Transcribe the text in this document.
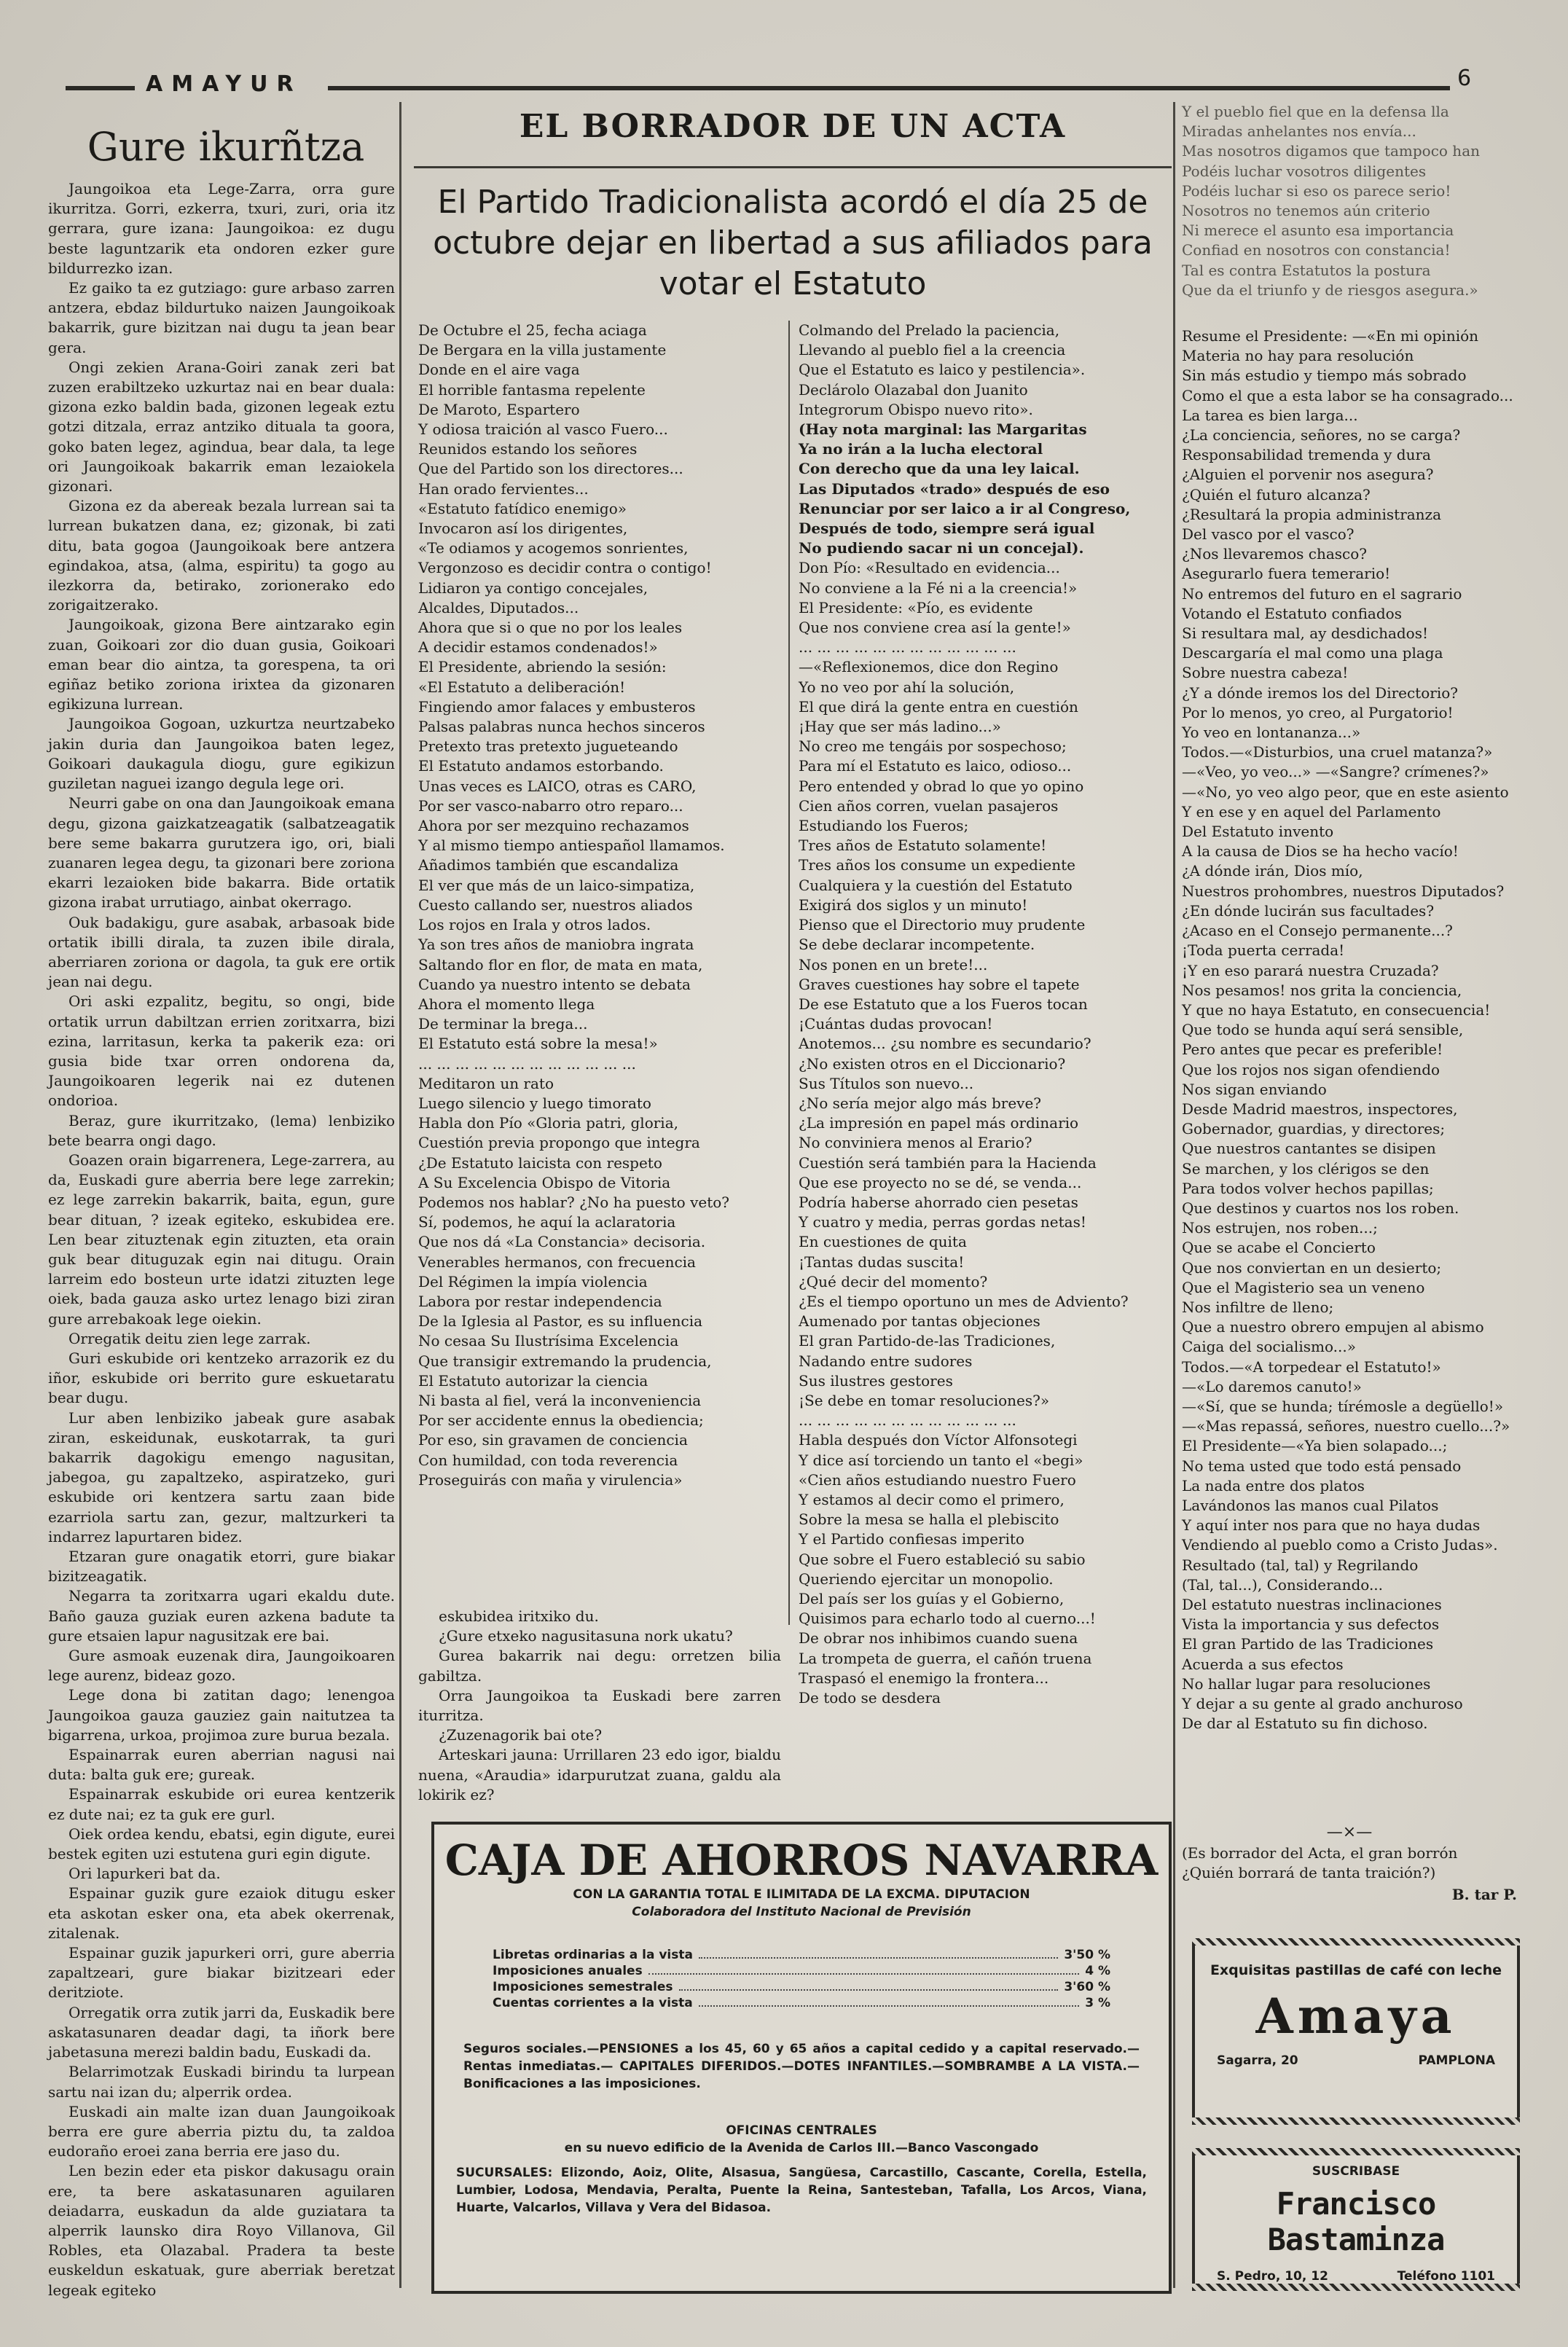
AMAYUR	6
Gure ikurñtza

Jaungoikoa eta Lege-Zarra, orra gure ikurritza. Gorri, ezkerra, txuri, zuri, oria itz gerrara, gure izana: Jaungoikoa: ez dugu beste laguntzarik eta ondoren ezker gure bildurrezko izan.

Ez gaiko ta ez gutziago: gure arbaso zarren antzera, ebdaz bildurtuko naizen Jaungoikoak bakarrik, gure bizitzan nai dugu ta jean bear gera.

Ongi zekien Arana-Goiri zanak zeri bat zuzen erabiltzeko uzkurtaz nai en bear duala: gizona ezko baldin bada, gizonen legeak eztu gotzi ditzala, erraz antziko dituala ta goora, goko baten legez, agindua, bear dala, ta lege ori Jaungoikoak bakarrik eman lezaiokela gizonari.

Gizona ez da abereak bezala lurrean sai ta lurrean bukatzen dana, ez; gizonak, bi zati ditu, bata gogoa (Jaungoikoak bere antzera egindakoa, atsa, (alma, espiritu) ta gogo au ilezkorra da, betirako, zorionerako edo zorigaitzerako.

Jaungoikoak, gizona Bere aintzarako egin zuan, Goikoari zor dio duan gusia, Goikoari eman bear dio aintza, ta gorespena, ta ori egiñaz betiko zoriona irixtea da gizonaren egikizuna lurrean.

Jaungoikoa Gogoan, uzkurtza neurtzabeko jakin duria dan Jaungoikoa baten legez, Goikoari daukagula diogu, gure egikizun guziletan naguei izango degula lege ori.

Neurri gabe on ona dan Jaungoikoak emana degu, gizona gaizkatzeagatik (salbatzeagatik bere seme bakarra gurutzera igo, ori, biali zuanaren legea degu, ta gizonari bere zoriona ekarri lezaioken bide bakarra. Bide ortatik gizona irabat urrutiago, ainbat okerrago.

Ouk badakigu, gure asabak, arbasoak bide ortatik ibilli dirala, ta zuzen ibile dirala, aberriaren zoriona or dagola, ta guk ere ortik jean nai degu.

Ori aski ezpalitz, begitu, so ongi, bide ortatik urrun dabiltzan errien zoritxarra, bizi ezina, larritasun, kerka ta pakerik eza: ori gusia bide txar orren ondorena da, Jaungoikoaren legerik nai ez dutenen ondorioa.

Beraz, gure ikurritzako, (lema) lenbiziko bete bearra ongi dago.

Goazen orain bigarrenera, Lege-zarrera, au da, Euskadi gure aberria bere lege zarrekin; ez lege zarrekin bakarrik, baita, egun, gure bear dituan, ? izeak egiteko, eskubidea ere. Len bear zituztenak egin zituzten, eta orain guk bear dituguzak egin nai ditugu. Orain larreim edo bosteun urte idatzi zituzten lege oiek, bada gauza asko urtez lenago bizi ziran gure arrebakoak lege oiekin.

Orregatik deitu zien lege zarrak.

Guri eskubide ori kentzeko arrazorik ez du iñor, eskubide ori berrito gure eskuetaratu bear dugu.

Lur aben lenbiziko jabeak gure asabak ziran, eskeidunak, euskotarrak, ta guri bakarrik dagokigu emengo nagusitan, jabegoa, gu zapaltzeko, aspiratzeko, guri eskubide ori kentzera sartu zaan bide ezarriola sartu zan, gezur, maltzurkeri ta indarrez lapurtaren bidez.

Etzaran gure onagatik etorri, gure biakar bizitzeagatik.

Negarra ta zoritxarra ugari ekaldu dute. Baño gauza guziak euren azkena badute ta gure etsaien lapur nagusitzak ere bai.

Gure asmoak euzenak dira, Jaungoikoaren lege aurenz, bideaz gozo.

Lege dona bi zatitan dago; lenengoa Jaungoikoa gauza gauziez gain naitutzea ta bigarrena, urkoa, projimoa zure burua bezala.

Espainarrak euren aberrian nagusi nai duta: balta guk ere; gureak.

Espainarrak eskubide ori eurea kentzerik ez dute nai; ez ta guk ere gurl.

Oiek ordea kendu, ebatsi, egin digute, eurei bestek egiten uzi estutena guri egin digute.

Ori lapurkeri bat da.

Espainar guzik gure ezaiok ditugu esker eta askotan esker ona, eta abek okerrenak, zitalenak.

Espainar guzik japurkeri orri, gure aberria zapaltzeari, gure biakar bizitzeari eder deritziote.

Orregatik orra zutik jarri da, Euskadik bere askatasunaren deadar dagi, ta iñork bere jabetasuna merezi baldin badu, Euskadi da.

Belarrimotzak Euskadi birindu ta lurpean sartu nai izan du; alperrik ordea.

Euskadi ain malte izan duan Jaungoikoak berra ere gure aberria piztu du, ta zaldoa eudoraño eroei zana berria ere jaso du.

Len bezin eder eta piskor dakusagu orain ere, ta bere askatasunaren aguilaren deiadarra, euskadun da alde guziatara ta alperrik launsko dira Royo Villanova, Gil Robles, eta Olazabal. Pradera ta beste euskeldun eskatuak, gure aberriak beretzat legeak egiteko

EL BORRADOR DE UN ACTA
El Partido Tradicionalista acordó el día 25 de octubre dejar en libertad a sus afiliados para votar el Estatuto

De Octubre el 25, fecha aciaga

De Bergara en la villa justamente

Donde en el aire vaga

El horrible fantasma repelente

De Maroto, Espartero

Y odiosa traición al vasco Fuero...

Reunidos estando los señores

Que del Partido son los directores...

Han orado fervientes...

«Estatuto fatídico enemigo»

Invocaron así los dirigentes,

«Te odiamos y acogemos sonrientes,

Vergonzoso es decidir contra o contigo!

Lidiaron ya contigo concejales,

Alcaldes, Diputados...

Ahora que si o que no por los leales

A decidir estamos condenados!»

El Presidente, abriendo la sesión:

«El Estatuto a deliberación!

Fingiendo amor falaces y embusteros

Palsas palabras nunca hechos sinceros

Pretexto tras pretexto jugueteando

El Estatuto andamos estorbando.

Unas veces es LAICO, otras es CARO,

Por ser vasco-nabarro otro reparo...

Ahora por ser mezquino rechazamos

Y al mismo tiempo antiespañol llamamos.

Añadimos también que escandaliza

El ver que más de un laico-simpatiza,

Cuesto callando ser, nuestros aliados

Los rojos en Irala y otros lados.

Ya son tres años de maniobra ingrata

Saltando flor en flor, de mata en mata,

Cuando ya nuestro intento se debata

Ahora el momento llega

De terminar la brega...

El Estatuto está sobre la mesa!»

... ... ... ... ... ... ... ... ... ... ... ...

Meditaron un rato

Luego silencio y luego timorato

Habla don Pío «Gloria patri, gloria,

Cuestión previa propongo que integra

¿De Estatuto laicista con respeto

A Su Excelencia Obispo de Vitoria

Podemos nos hablar? ¿No ha puesto veto?

Sí, podemos, he aquí la aclaratoria

Que nos dá «La Constancia» decisoria.

Venerables hermanos, con frecuencia

Del Régimen la impía violencia

Labora por restar independencia

De la Iglesia al Pastor, es su influencia

No cesaa Su Ilustrísima Excelencia

Que transigir extremando la prudencia,

El Estatuto autorizar la ciencia

Ni basta al fiel, verá la inconveniencia

Por ser accidente ennus la obediencia;

Por eso, sin gravamen de conciencia

Con humildad, con toda reverencia

Proseguirás con maña y virulencia»

Colmando del Prelado la paciencia,

Llevando al pueblo fiel a la creencia

Que el Estatuto es laico y pestilencia».

Declárolo Olazabal don Juanito

Integrorum Obispo nuevo rito».

(Hay nota marginal: las Margaritas

Ya no irán a la lucha electoral

Con derecho que da una ley laical.

Las Diputados «trado» después de eso

Renunciar por ser laico a ir al Congreso,

Después de todo, siempre será igual

No pudiendo sacar ni un concejal).

Don Pío: «Resultado en evidencia...

No conviene a la Fé ni a la creencia!»

El Presidente: «Pío, es evidente

Que nos conviene crea así la gente!»

... ... ... ... ... ... ... ... ... ... ... ...

—«Reflexionemos, dice don Regino

Yo no veo por ahí la solución,

El que dirá la gente entra en cuestión

¡Hay que ser más ladino...»

No creo me tengáis por sospechoso;

Para mí el Estatuto es laico, odioso...

Pero entended y obrad lo que yo opino

Cien años corren, vuelan pasajeros

Estudiando los Fueros;

Tres años de Estatuto solamente!

Tres años los consume un expediente

Cualquiera y la cuestión del Estatuto

Exigirá dos siglos y un minuto!

Pienso que el Directorio muy prudente

Se debe declarar incompetente.

Nos ponen en un brete!...

Graves cuestiones hay sobre el tapete

De ese Estatuto que a los Fueros tocan

¡Cuántas dudas provocan!

Anotemos... ¿su nombre es secundario?

¿No existen otros en el Diccionario?

Sus Títulos son nuevo...

¿No sería mejor algo más breve?

¿La impresión en papel más ordinario

No conviniera menos al Erario?

Cuestión será también para la Hacienda

Que ese proyecto no se dé, se venda...

Podría haberse ahorrado cien pesetas

Y cuatro y media, perras gordas netas!

En cuestiones de quita

¡Tantas dudas suscita!

¿Qué decir del momento?

¿Es el tiempo oportuno un mes de Adviento?

Aumenado por tantas objeciones

El gran Partido-de-las Tradiciones,

Nadando entre sudores

Sus ilustres gestores

¡Se debe en tomar resoluciones?»

... ... ... ... ... ... ... ... ... ... ... ...

Habla después don Víctor Alfonsotegi

Y dice así torciendo un tanto el «begi»

«Cien años estudiando nuestro Fuero

Y estamos al decir como el primero,

Sobre la mesa se halla el plebiscito

Y el Partido confiesas imperito

Que sobre el Fuero estableció su sabio

Queriendo ejercitar un monopolio.

Del país ser los guías y el Gobierno,

Quisimos para echarlo todo al cuerno...!

De obrar nos inhibimos cuando suena

La trompeta de guerra, el cañón truena

Traspasó el enemigo la frontera...

De todo se desdera

eskubidea iritxiko du.

¿Gure etxeko nagusitasuna nork ukatu?

Gurea bakarrik nai degu: orretzen bilia gabiltza.

Orra Jaungoikoa ta Euskadi bere zarren iturritza.

¿Zuzenagorik bai ote?

Arteskari jauna: Urrillaren 23 edo igor, bialdu nuena, «Araudia» idarpurutzat zuana, galdu ala lokirik ez?

CAJA DE AHORROS NAVARRA
CON LA GARANTIA TOTAL E ILIMITADA DE LA EXCMA. DIPUTACION
Colaboradora del Instituto Nacional de Previsión
Libretas ordinarias a la vista	3'50 %
Imposiciones anuales	4 %
Imposiciones semestrales	3'60 %
Cuentas corrientes a la vista	3 %
Seguros sociales.—PENSIONES a los 45, 60 y 65 años a capital cedido y a capital reservado.— Rentas inmediatas.— CAPITALES DIFERIDOS.—DOTES INFANTILES.—SOMBRAMBE A LA VISTA.—Bonificaciones a las imposiciones.
OFICINAS CENTRALES
en su nuevo edificio de la Avenida de Carlos III.—Banco Vascongado
SUCURSALES: Elizondo, Aoiz, Olite, Alsasua, Sangüesa, Carcastillo, Cascante, Corella, Estella, Lumbier, Lodosa, Mendavia, Peralta, Puente la Reina, Santesteban, Tafalla, Los Arcos, Viana, Huarte, Valcarlos, Villava y Vera del Bidasoa.

Y el pueblo fiel que en la defensa lla

Miradas anhelantes nos envía...

Mas nosotros digamos que tampoco han

Podéis luchar vosotros diligentes

Podéis luchar si eso os parece serio!

Nosotros no tenemos aún criterio

Ni merece el asunto esa importancia

Confiad en nosotros con constancia!

Tal es contra Estatutos la postura

Que da el triunfo y de riesgos asegura.»

Resume el Presidente: —«En mi opinión

Materia no hay para resolución

Sin más estudio y tiempo más sobrado

Como el que a esta labor se ha consagrado...

La tarea es bien larga...

¿La conciencia, señores, no se carga?

Responsabilidad tremenda y dura

¿Alguien el porvenir nos asegura?

¿Quién el futuro alcanza?

¿Resultará la propia administranza

Del vasco por el vasco?

¿Nos llevaremos chasco?

Asegurarlo fuera temerario!

No entremos del futuro en el sagrario

Votando el Estatuto confiados

Si resultara mal, ay desdichados!

Descargaría el mal como una plaga

Sobre nuestra cabeza!

¿Y a dónde iremos los del Directorio?

Por lo menos, yo creo, al Purgatorio!

Yo veo en lontananza...»

Todos.—«Disturbios, una cruel matanza?»

—«Veo, yo veo...» —«Sangre? crímenes?»

—«No, yo veo algo peor, que en este asiento

Y en ese y en aquel del Parlamento

Del Estatuto invento

A la causa de Dios se ha hecho vacío!

¿A dónde irán, Dios mío,

Nuestros prohombres, nuestros Diputados?

¿En dónde lucirán sus facultades?

¿Acaso en el Consejo permanente...?

¡Toda puerta cerrada!

¡Y en eso parará nuestra Cruzada?

Nos pesamos! nos grita la conciencia,

Y que no haya Estatuto, en consecuencia!

Que todo se hunda aquí será sensible,

Pero antes que pecar es preferible!

Que los rojos nos sigan ofendiendo

Nos sigan enviando

Desde Madrid maestros, inspectores,

Gobernador, guardias, y directores;

Que nuestros cantantes se disipen

Se marchen, y los clérigos se den

Para todos volver hechos papillas;

Que destinos y cuartos nos los roben.

Nos estrujen, nos roben...;

Que se acabe el Concierto

Que nos conviertan en un desierto;

Que el Magisterio sea un veneno

Nos infiltre de lleno;

Que a nuestro obrero empujen al abismo

Caiga del socialismo...»

Todos.—«A torpedear el Estatuto!»

—«Lo daremos canuto!»

—«Sí, que se hunda; tírémosle a degüello!»

—«Mas repassá, señores, nuestro cuello...?»

El Presidente—«Ya bien solapado...;

No tema usted que todo está pensado

La nada entre dos platos

Lavándonos las manos cual Pilatos

Y aquí inter nos para que no haya dudas

Vendiendo al pueblo como a Cristo Judas».

Resultado (tal, tal) y Regrilando

(Tal, tal...), Considerando...

Del estatuto nuestras inclinaciones

Vista la importancia y sus defectos

El gran Partido de las Tradiciones

Acuerda a sus efectos

No hallar lugar para resoluciones

Y dejar a su gente al grado anchuroso

De dar al Estatuto su fin dichoso.

—×—

(Es borrador del Acta, el gran borrón

¿Quién borrará de tanta traición?)

B. tar P.
Exquisitas pastillas de café con leche
Amaya
Sagarra, 20	PAMPLONA
SUSCRIBASE
Francisco Bastaminza
S. Pedro, 10, 12	Teléfono 1101
